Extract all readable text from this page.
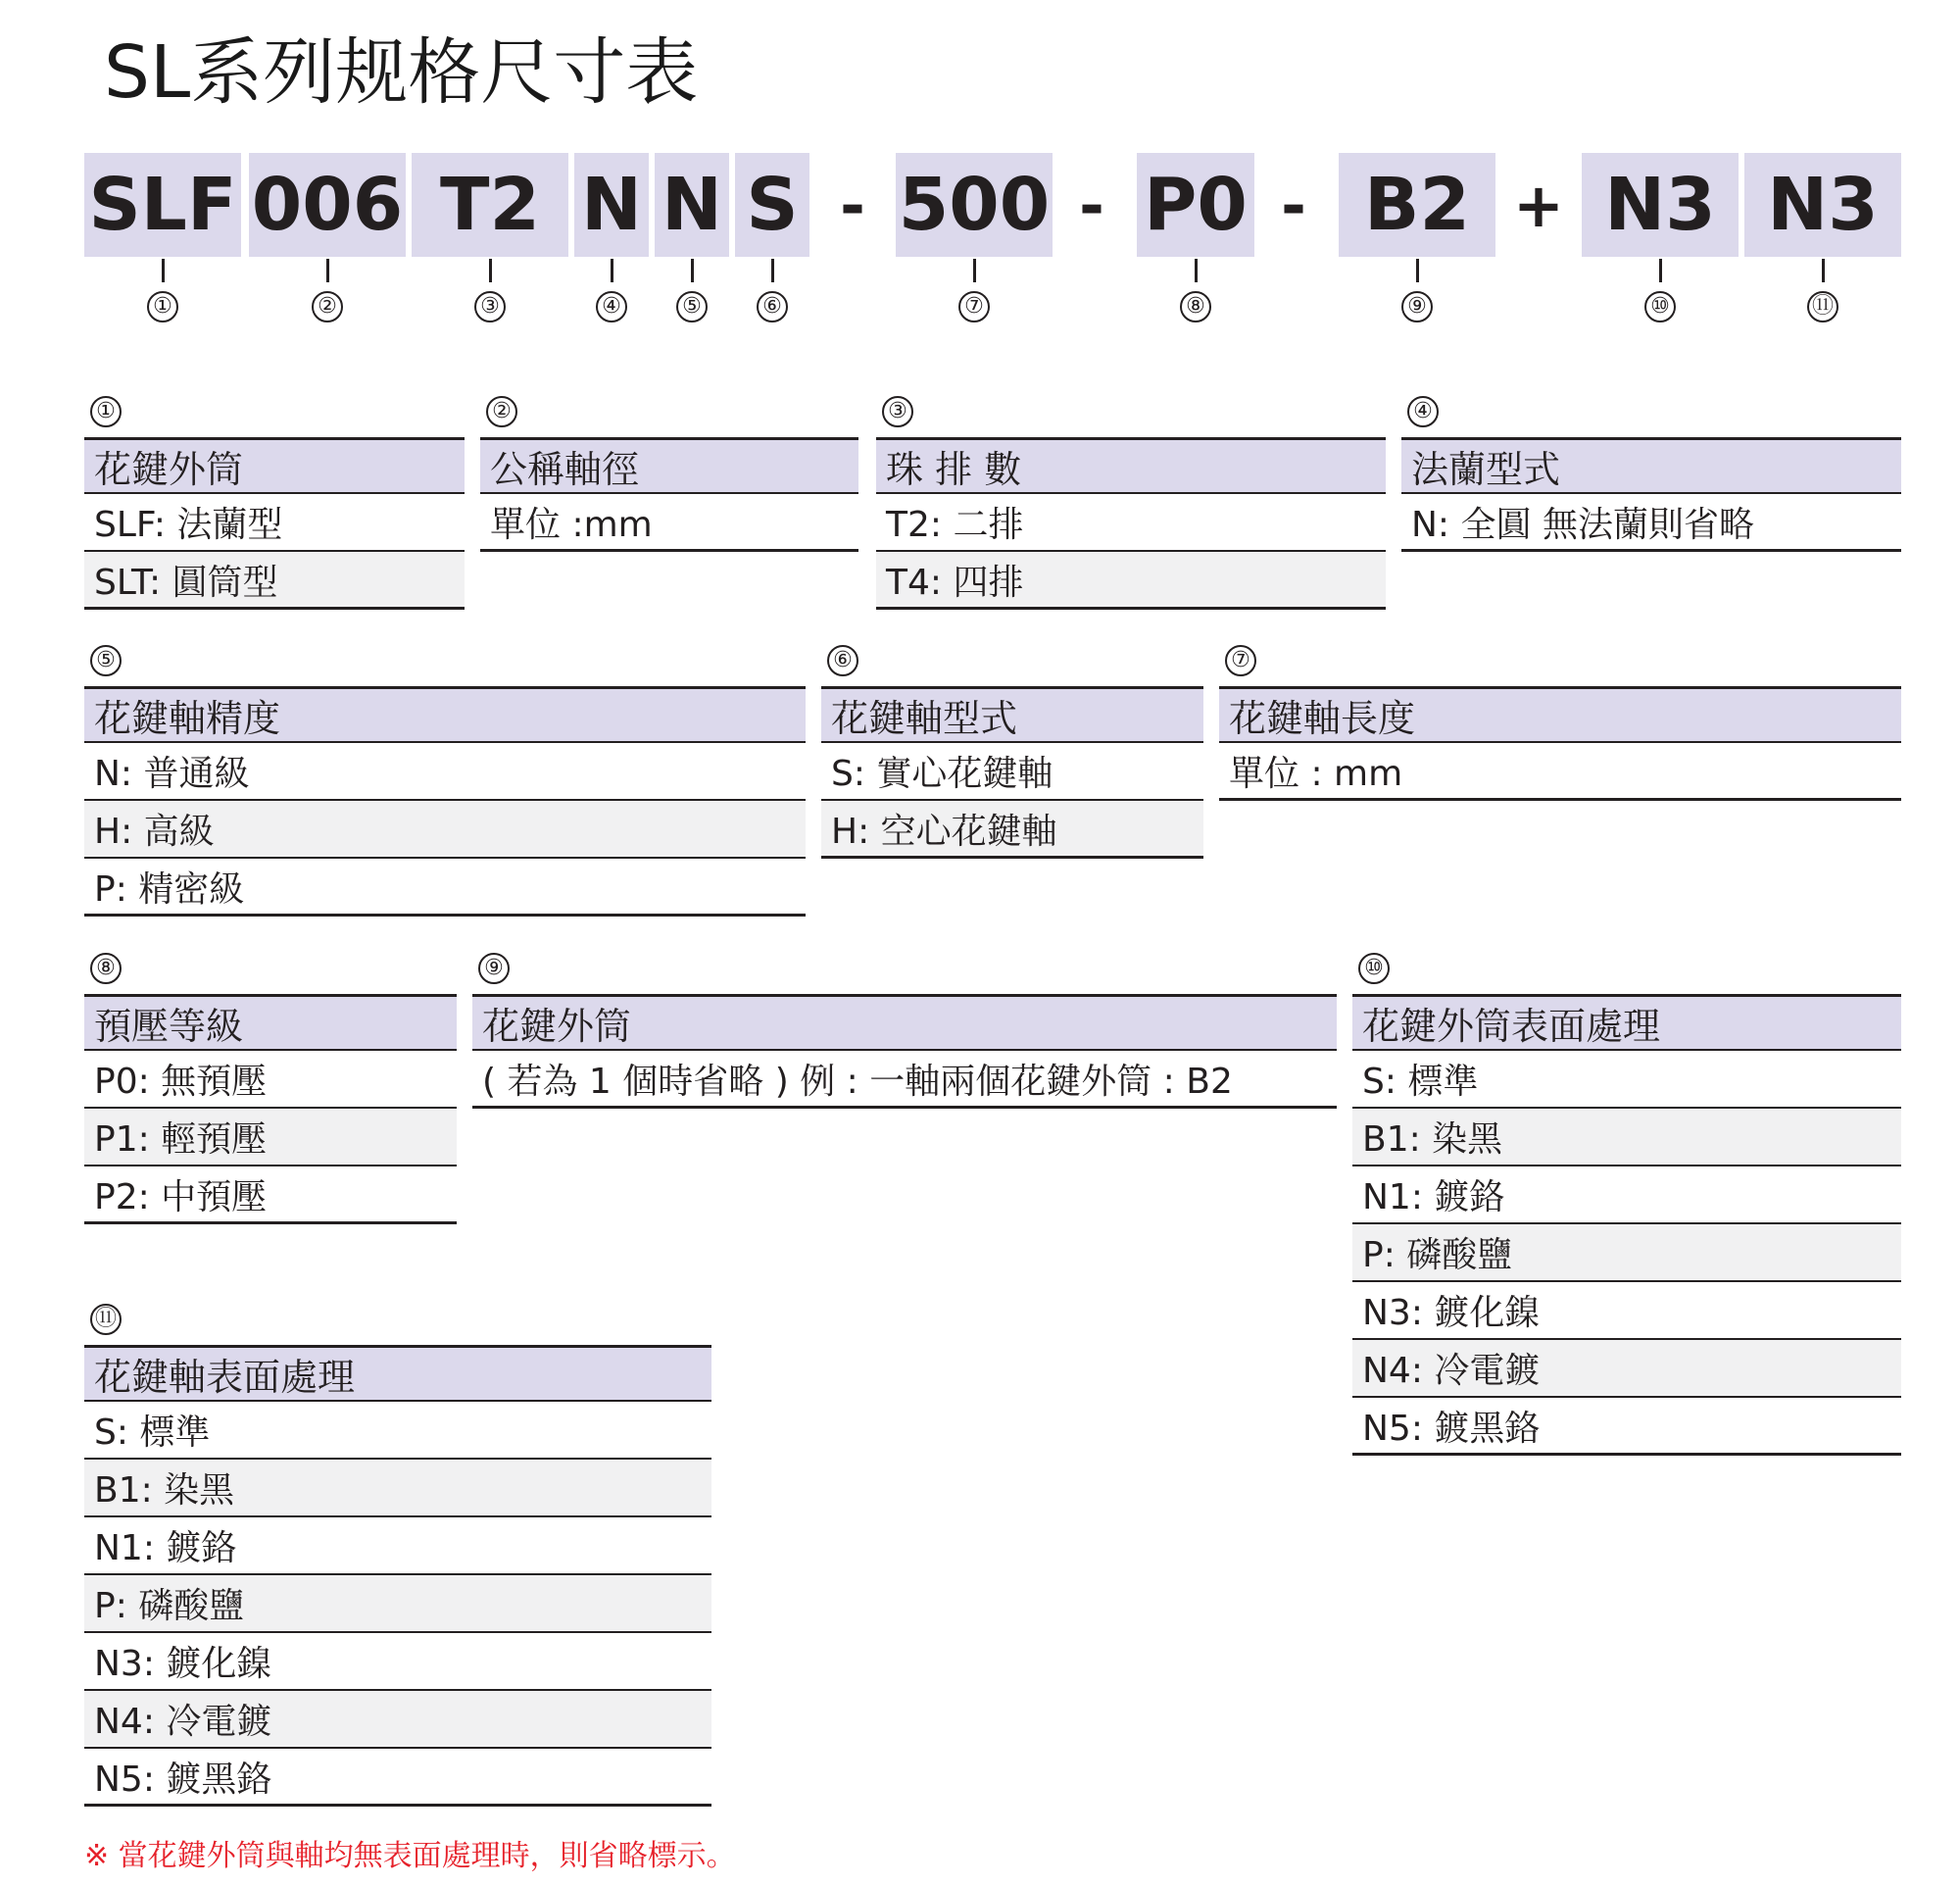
SL系列规格尺寸表
SLF 006 T2 N N S - 500 - P0 - B2 + N3 N3
①	②	③	④	⑤	⑥	⑦	⑧	⑨	⑩	⑪
①
花鍵外筒
SLF: 法蘭型
SLT: 圓筒型
②
公稱軸徑
單位 :mm
③
珠 排 數
T2: 二排
T4: 四排
④
法蘭型式
N: 全圓 無法蘭則省略
⑤
花鍵軸精度
N: 普通級
H: 高級
P: 精密級
⑥
花鍵軸型式
S: 實心花鍵軸
H: 空心花鍵軸
⑦
花鍵軸長度
單位 : mm
⑧
預壓等級
P0: 無預壓
P1: 輕預壓
P2: 中預壓
⑨
花鍵外筒
( 若為 1 個時省略 ) 例 : 一軸兩個花鍵外筒 : B2
⑩
花鍵外筒表面處理
S: 標準
B1: 染黑
N1: 鍍鉻
P: 磷酸鹽
N3: 鍍化鎳
N4: 冷電鍍
N5: 鍍黑鉻
⑪
花鍵軸表面處理
S: 標準
B1: 染黑
N1: 鍍鉻
P: 磷酸鹽
N3: 鍍化鎳
N4: 冷電鍍
N5: 鍍黑鉻
※ 當花鍵外筒與軸均無表面處理時，則省略標示。
